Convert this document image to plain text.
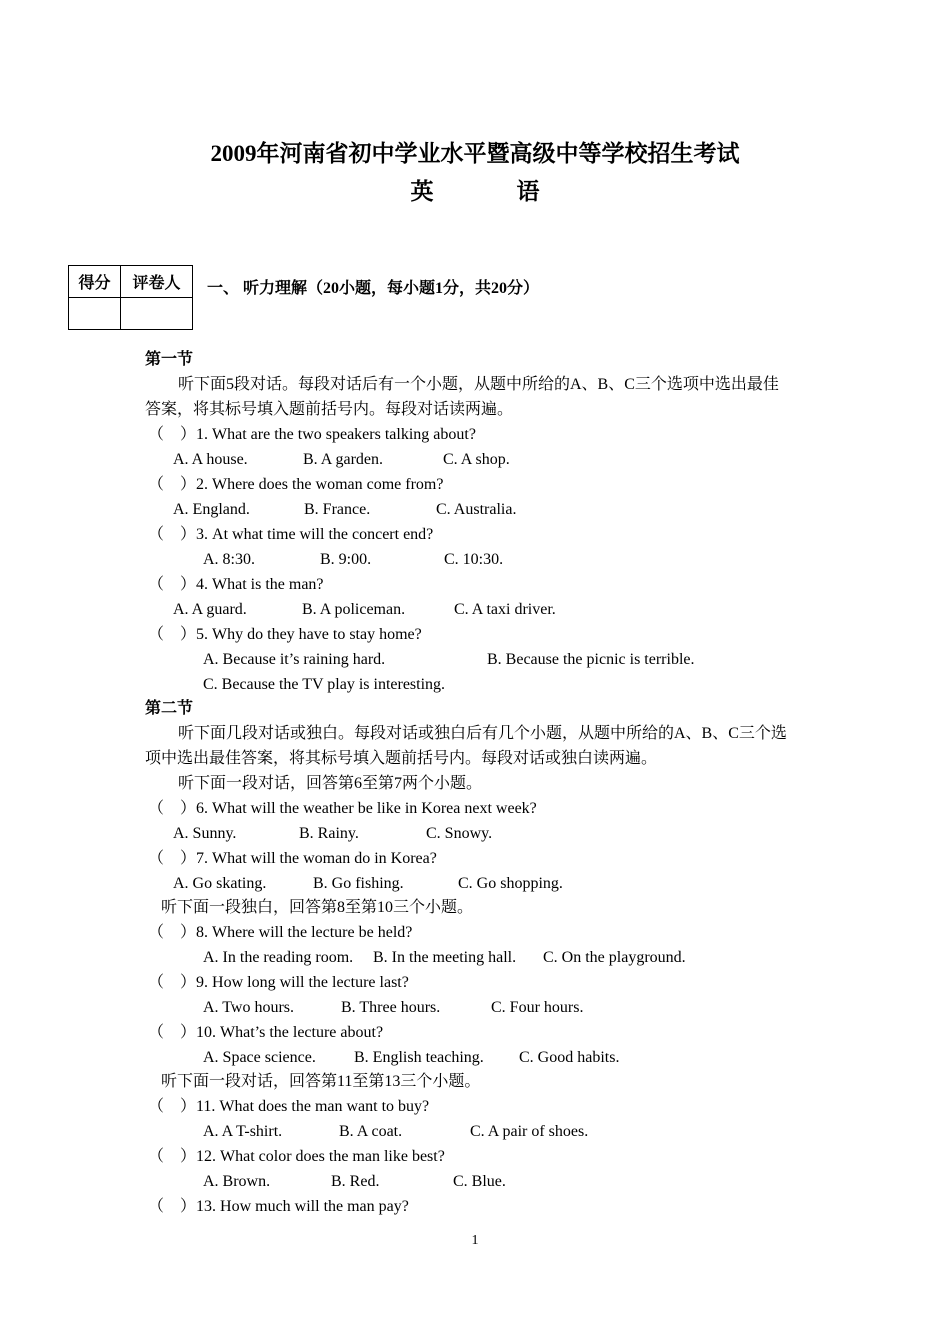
2009年河南省初中学业水平暨高级中等学校招生考试
英　语
得分	评卷人
	一、 听力理解（20小题，每小题1分，共20分）
第一节
听下面5段对话。每段对话后有一个小题，从题中所给的A、B、C三个选项中选出最佳
答案，将其标号填入题前括号内。每段对话读两遍。
（　）1. What are the two speakers talking about?
A. A house.	B. A garden.	C. A shop.
（　）2. Where does the woman come from?
A. England.	B. France.	C. Australia.
（　）3. At what time will the concert end?
A. 8:30.	B. 9:00.	C. 10:30.
（　）4. What is the man?
A. A guard.	B. A policeman.	C. A taxi driver.
（　）5. Why do they have to stay home?
A. Because it’s raining hard.	B. Because the picnic is terrible.
C. Because the TV play is interesting.
第二节
听下面几段对话或独白。每段对话或独白后有几个小题，从题中所给的A、B、C三个选
项中选出最佳答案，将其标号填入题前括号内。每段对话或独白读两遍。
听下面一段对话，回答第6至第7两个小题。
（　）6. What will the weather be like in Korea next week?
A. Sunny.	B. Rainy.	C. Snowy.
（　）7. What will the woman do in Korea?
A. Go skating.	B. Go fishing.	C. Go shopping.
听下面一段独白，回答第8至第10三个小题。
（　）8. Where will the lecture be held?
A. In the reading room. B. In the meeting hall. C. On the playground.
（　）9. How long will the lecture last?
A. Two hours.	B. Three hours.	C. Four hours.
（　）10. What’s the lecture about?
A. Space science. B. English teaching. C. Good habits.
听下面一段对话，回答第11至第13三个小题。
（　）11. What does the man want to buy?
A. A T-shirt.	B. A coat.	C. A pair of shoes.
（　）12. What color does the man like best?
A. Brown.	B. Red.	C. Blue.
（　）13. How much will the man pay?
1
